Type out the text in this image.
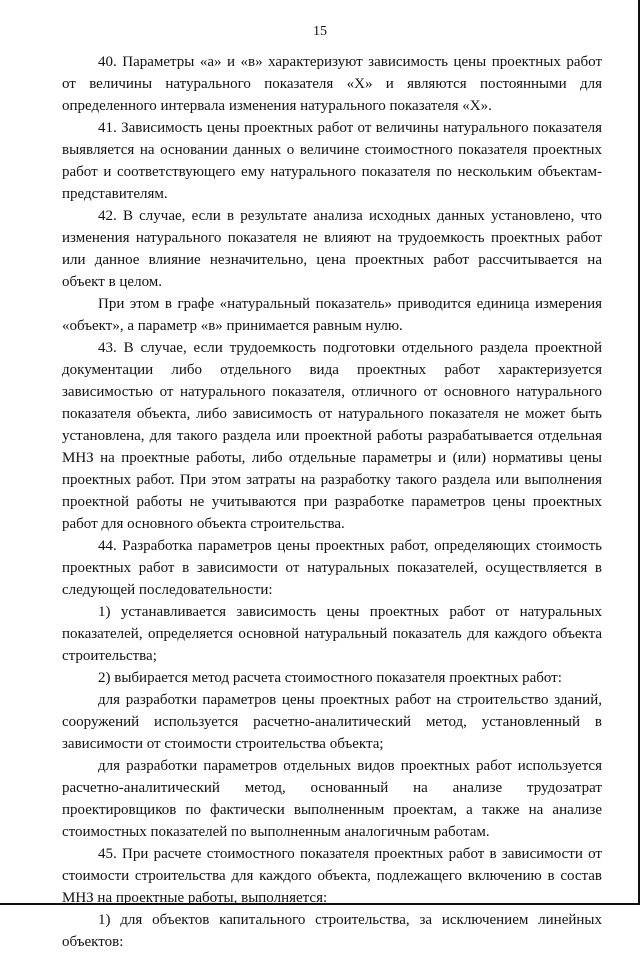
15

40. Параметры «а» и «в» характеризуют зависимость цены проектных работ от величины натурального показателя «Х» и являются постоянными для определенного интервала изменения натурального показателя «Х».

41. Зависимость цены проектных работ от величины натурального показателя выявляется на основании данных о величине стоимостного показателя проектных работ и соответствующего ему натурального показателя по нескольким объектам-представителям.

42. В случае, если в результате анализа исходных данных установлено, что изменения натурального показателя не влияют на трудоемкость проектных работ или данное влияние незначительно, цена проектных работ рассчитывается на объект в целом.

При этом в графе «натуральный показатель» приводится единица измерения «объект», а параметр «в» принимается равным нулю.

43. В случае, если трудоемкость подготовки отдельного раздела проектной документации либо отдельного вида проектных работ характеризуется зависимостью от натурального показателя, отличного от основного натурального показателя объекта, либо зависимость от натурального показателя не может быть установлена, для такого раздела или проектной работы разрабатывается отдельная МНЗ на проектные работы, либо отдельные параметры и (или) нормативы цены проектных работ. При этом затраты на разработку такого раздела или выполнения проектной работы не учитываются при разработке параметров цены проектных работ для основного объекта строительства.

44. Разработка параметров цены проектных работ, определяющих стоимость проектных работ в зависимости от натуральных показателей, осуществляется в следующей последовательности:

1) устанавливается зависимость цены проектных работ от натуральных показателей, определяется основной натуральный показатель для каждого объекта строительства;

2) выбирается метод расчета стоимостного показателя проектных работ:

для разработки параметров цены проектных работ на строительство зданий, сооружений используется расчетно-аналитический метод, установленный в зависимости от стоимости строительства объекта;

для разработки параметров отдельных видов проектных работ используется расчетно-аналитический метод, основанный на анализе трудозатрат проектировщиков по фактически выполненным проектам, а также на анализе стоимостных показателей по выполненным аналогичным работам.

45. При расчете стоимостного показателя проектных работ в зависимости от стоимости строительства для каждого объекта, подлежащего включению в состав МНЗ на проектные работы, выполняется:

1) для объектов капитального строительства, за исключением линейных объектов:
